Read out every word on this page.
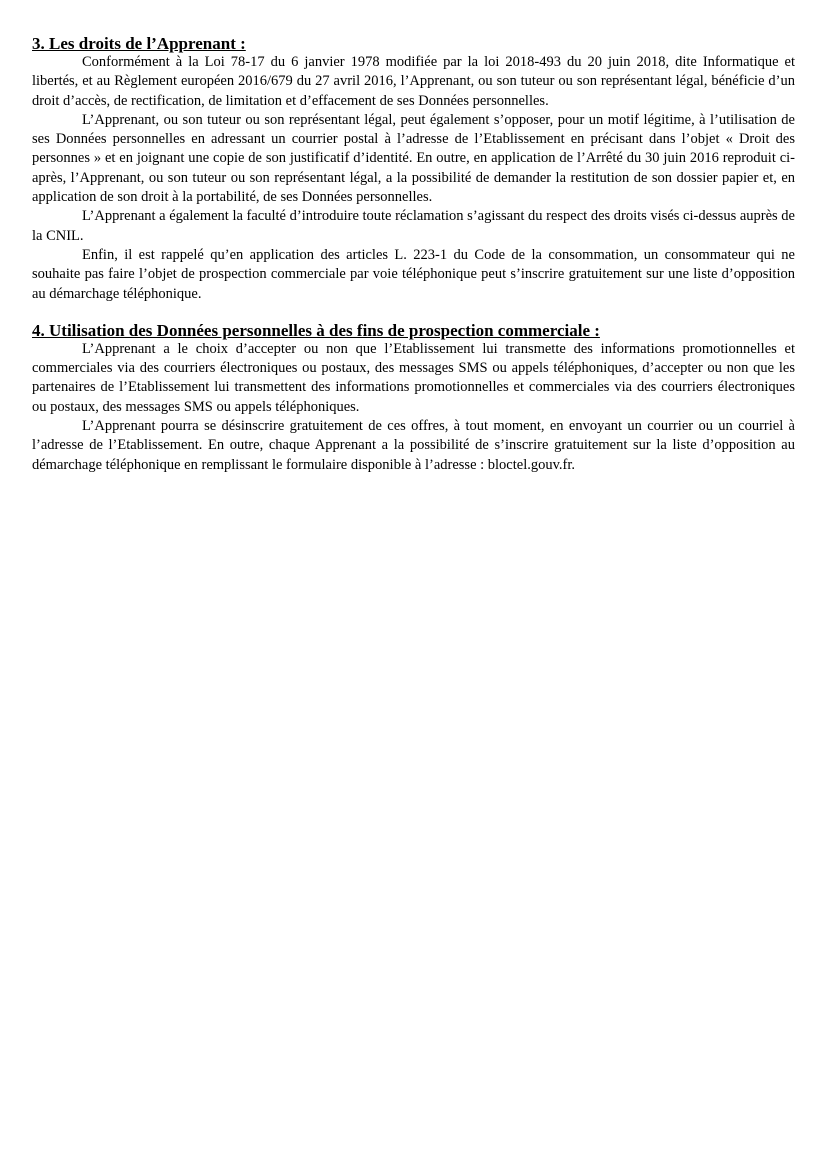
3. Les droits de l’Apprenant :

Conformément à la Loi 78-17 du 6 janvier 1978 modifiée par la loi 2018-493 du 20 juin 2018, dite Informatique et libertés, et au Règlement européen 2016/679 du 27 avril 2016, l’Apprenant, ou son tuteur ou son représentant légal, bénéficie d’un droit d’accès, de rectification, de limitation et d’effacement de ses Données personnelles.

L’Apprenant, ou son tuteur ou son représentant légal, peut également s’opposer, pour un motif légitime, à l’utilisation de ses Données personnelles en adressant un courrier postal à l’adresse de l’Etablissement en précisant dans l’objet « Droit des personnes » et en joignant une copie de son justificatif d’identité. En outre, en application de l’Arrêté du 30 juin 2016 reproduit ci-après, l’Apprenant, ou son tuteur ou son représentant légal, a la possibilité de demander la restitution de son dossier papier et, en application de son droit à la portabilité, de ses Données personnelles.

L’Apprenant a également la faculté d’introduire toute réclamation s’agissant du respect des droits visés ci-dessus auprès de la CNIL.

Enfin, il est rappelé qu’en application des articles L. 223-1 du Code de la consommation, un consommateur qui ne souhaite pas faire l’objet de prospection commerciale par voie téléphonique peut s’inscrire gratuitement sur une liste d’opposition au démarchage téléphonique.

4. Utilisation des Données personnelles à des fins de prospection commerciale :

L’Apprenant a le choix d’accepter ou non que l’Etablissement lui transmette des informations promotionnelles et commerciales via des courriers électroniques ou postaux, des messages SMS ou appels téléphoniques, d’accepter ou non que les partenaires de l’Etablissement lui transmettent des informations promotionnelles et commerciales via des courriers électroniques ou postaux, des messages SMS ou appels téléphoniques.

L’Apprenant pourra se désinscrire gratuitement de ces offres, à tout moment, en envoyant un courrier ou un courriel à l’adresse de l’Etablissement. En outre, chaque Apprenant a la possibilité de s’inscrire gratuitement sur la liste d’opposition au démarchage téléphonique en remplissant le formulaire disponible à l’adresse : bloctel.gouv.fr.
